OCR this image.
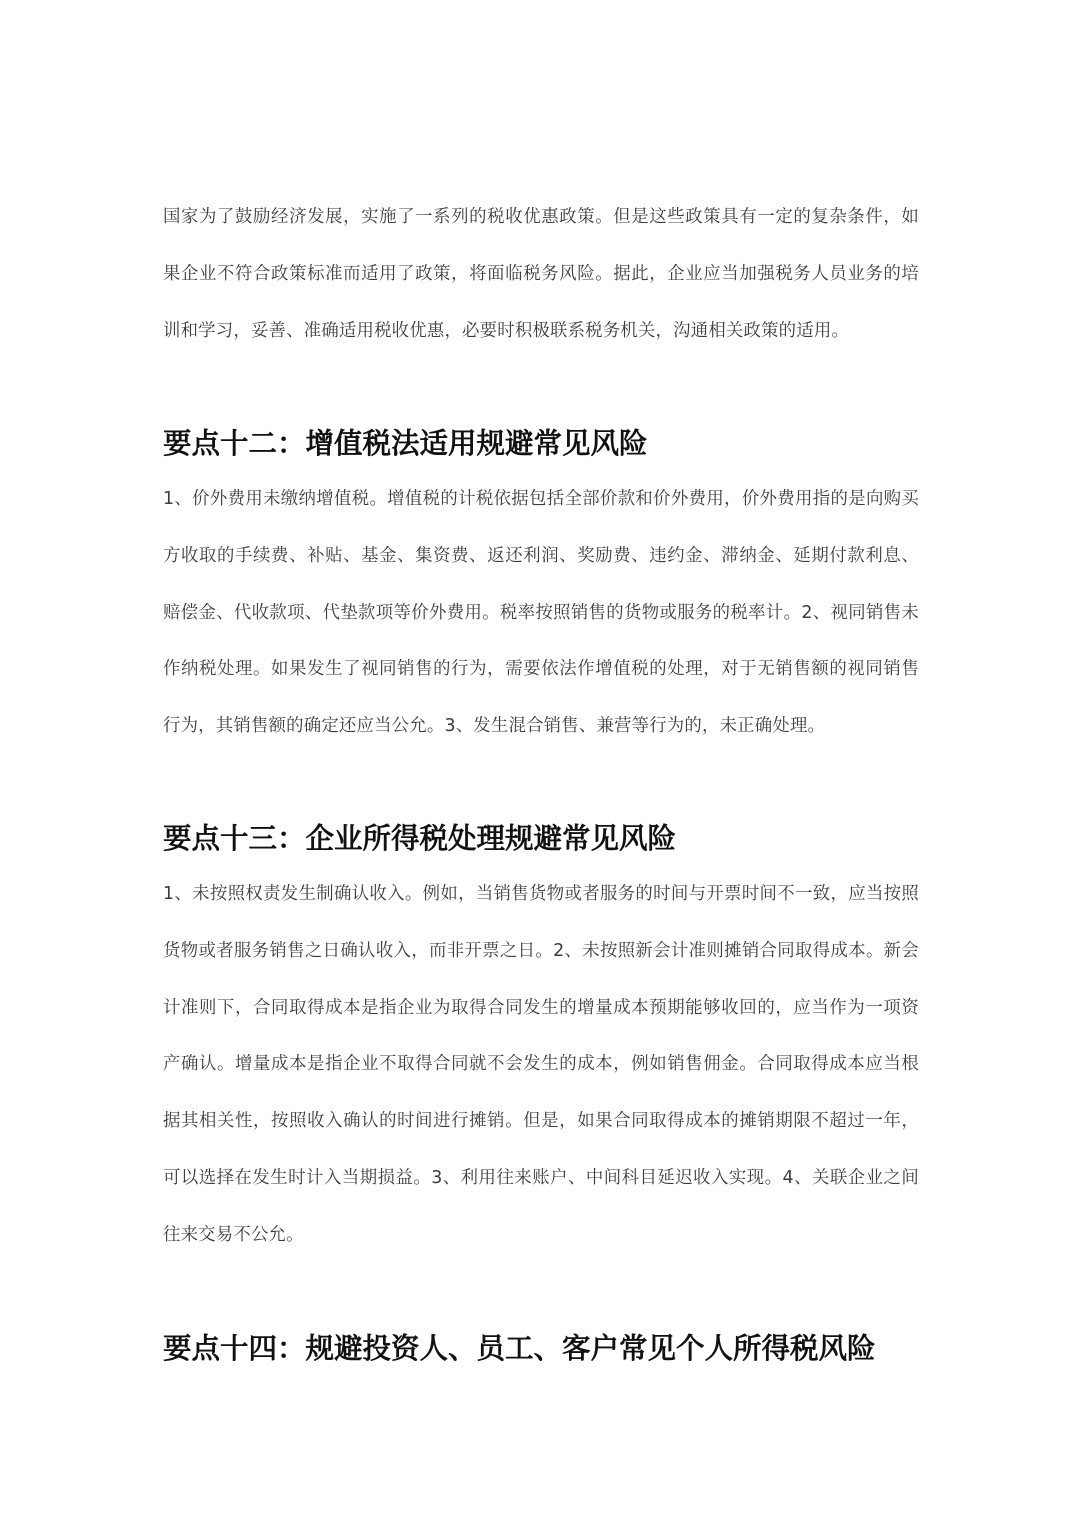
国家为了鼓励经济发展，实施了一系列的税收优惠政策。但是这些政策具有一定的复杂条件，如果企业不符合政策标准而适用了政策，将面临税务风险。据此，企业应当加强税务人员业务的培训和学习，妥善、准确适用税收优惠，必要时积极联系税务机关，沟通相关政策的适用。

要点十二：增值税法适用规避常见风险

1、价外费用未缴纳增值税。增值税的计税依据包括全部价款和价外费用，价外费用指的是向购买方收取的手续费、补贴、基金、集资费、返还利润、奖励费、违约金、滞纳金、延期付款利息、赔偿金、代收款项、代垫款项等价外费用。税率按照销售的货物或服务的税率计。2、视同销售未作纳税处理。如果发生了视同销售的行为，需要依法作增值税的处理，对于无销售额的视同销售行为，其销售额的确定还应当公允。3、发生混合销售、兼营等行为的，未正确处理。

要点十三：企业所得税处理规避常见风险

1、未按照权责发生制确认收入。例如，当销售货物或者服务的时间与开票时间不一致，应当按照货物或者服务销售之日确认收入，而非开票之日。2、未按照新会计准则摊销合同取得成本。新会计准则下，合同取得成本是指企业为取得合同发生的增量成本预期能够收回的，应当作为一项资产确认。增量成本是指企业不取得合同就不会发生的成本，例如销售佣金。合同取得成本应当根据其相关性，按照收入确认的时间进行摊销。但是，如果合同取得成本的摊销期限不超过一年，可以选择在发生时计入当期损益。3、利用往来账户、中间科目延迟收入实现。4、关联企业之间往来交易不公允。

要点十四：规避投资人、员工、客户常见个人所得税风险
